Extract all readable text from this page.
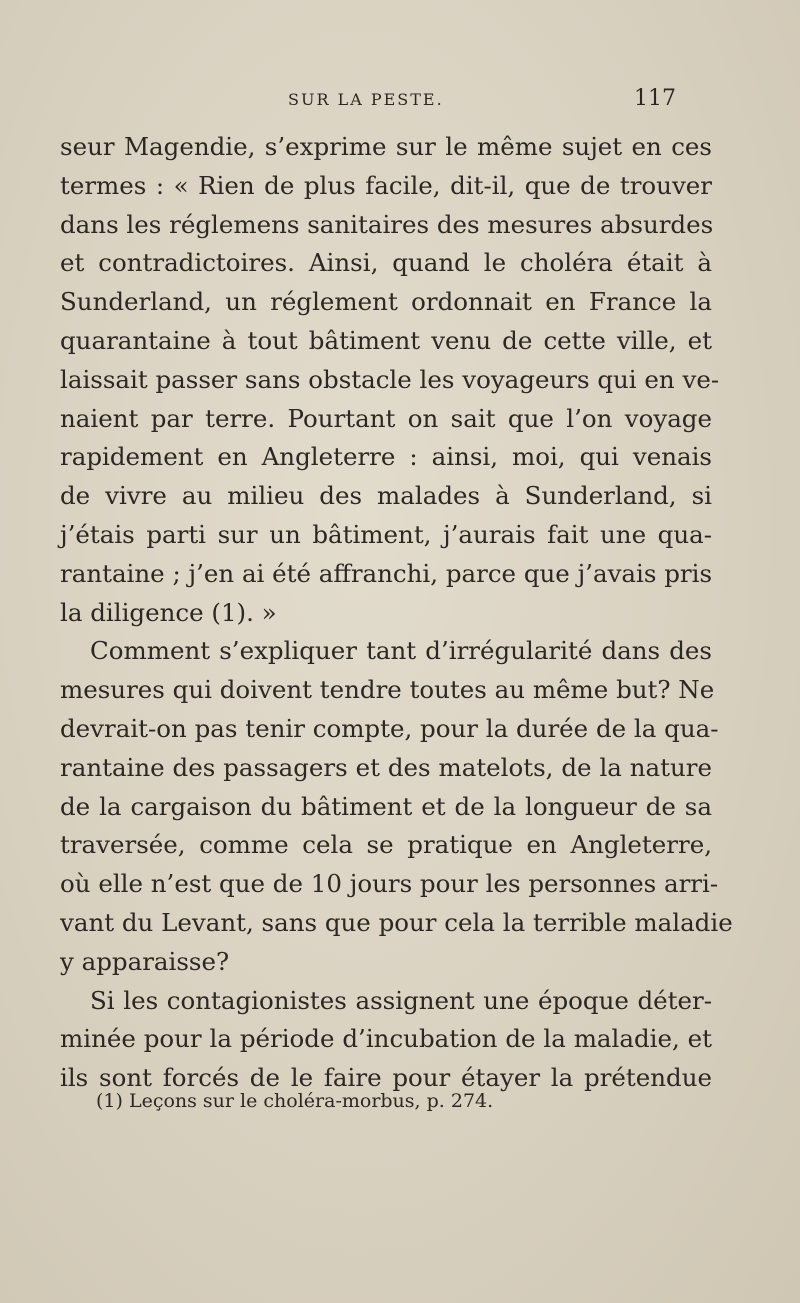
SUR LA PESTE.	117
seur Magendie, s’exprime sur le même sujet en ces
termes : « Rien de plus facile, dit-il, que de trouver
dans les réglemens sanitaires des mesures absurdes
et contradictoires. Ainsi, quand le choléra était à
Sunderland, un réglement ordonnait en France la
quarantaine à tout bâtiment venu de cette ville, et
laissait passer sans obstacle les voyageurs qui en ve-
naient par terre. Pourtant on sait que l’on voyage
rapidement en Angleterre : ainsi, moi, qui venais
de vivre au milieu des malades à Sunderland, si
j’étais parti sur un bâtiment, j’aurais fait une qua-
rantaine ; j’en ai été affranchi, parce que j’avais pris
la diligence (1). »
Comment s’expliquer tant d’irrégularité dans des
mesures qui doivent tendre toutes au même but? Ne
devrait-on pas tenir compte, pour la durée de la qua-
rantaine des passagers et des matelots, de la nature
de la cargaison du bâtiment et de la longueur de sa
traversée, comme cela se pratique en Angleterre,
où elle n’est que de 10 jours pour les personnes arri-
vant du Levant, sans que pour cela la terrible maladie
y apparaisse?
Si les contagionistes assignent une époque déter-
minée pour la période d’incubation de la maladie, et
ils sont forcés de le faire pour étayer la prétendue
(1) Leçons sur le choléra-morbus, p. 274.
